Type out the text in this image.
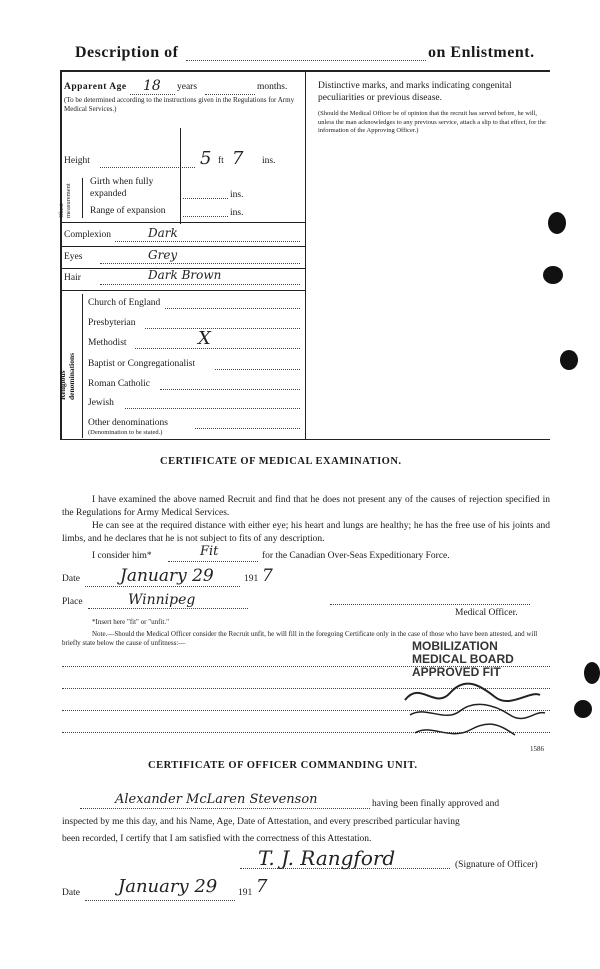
Description of	on Enlistment.
Apparent Age 18 years	months.
(To be determined according to the instructions given in the Regulations for Army Medical Services.)
Distinctive marks, and marks indicating congenital peculiarities or previous disease.
(Should the Medical Officer be of opinion that the recruit has served before, he will, unless the man acknowledges to any previous service, attach a slip to that effect, for the information of the Approving Officer.)
Height	5 ft 7 ins.
Chest measurement
Girth when fully expanded	ins.
Range of expansion	ins.
Complexion	Dark
Eyes	Grey
Hair	Dark Brown
Religious denominations
Church of England
Presbyterian
Methodist	X
Baptist or Congregationalist
Roman Catholic
Jewish
Other denominations
(Denomination to be stated.)
CERTIFICATE OF MEDICAL EXAMINATION.
I have examined the above named Recruit and find that he does not present any of the causes of rejection specified in the Regulations for Army Medical Services.
He can see at the required distance with either eye; his heart and lungs are healthy; he has the free use of his joints and limbs, and he declares that he is not subject to fits of any description.
I consider him*	Fit	for the Canadian Over-Seas Expeditionary Force.
Date January 29	191 7
Place	Winnipeg
Medical Officer.
*Insert here "fit" or "unfit."
Note.—Should the Medical Officer consider the Recruit unfit, he will fill in the foregoing Certificate only in the case of those who have been attested, and will briefly state below the cause of unfitness:—	MOBILIZATION
MEDICAL BOARD
APPROVED FIT
1586
CERTIFICATE OF OFFICER COMMANDING UNIT.
Alexander McLaren Stevenson	having been finally approved and
inspected by me this day, and his Name, Age, Date of Attestation, and every prescribed particular having
been recorded, I certify that I am satisfied with the correctness of this Attestation.
T. J. Rangford	(Signature of Officer)
Date January 29 191 7
